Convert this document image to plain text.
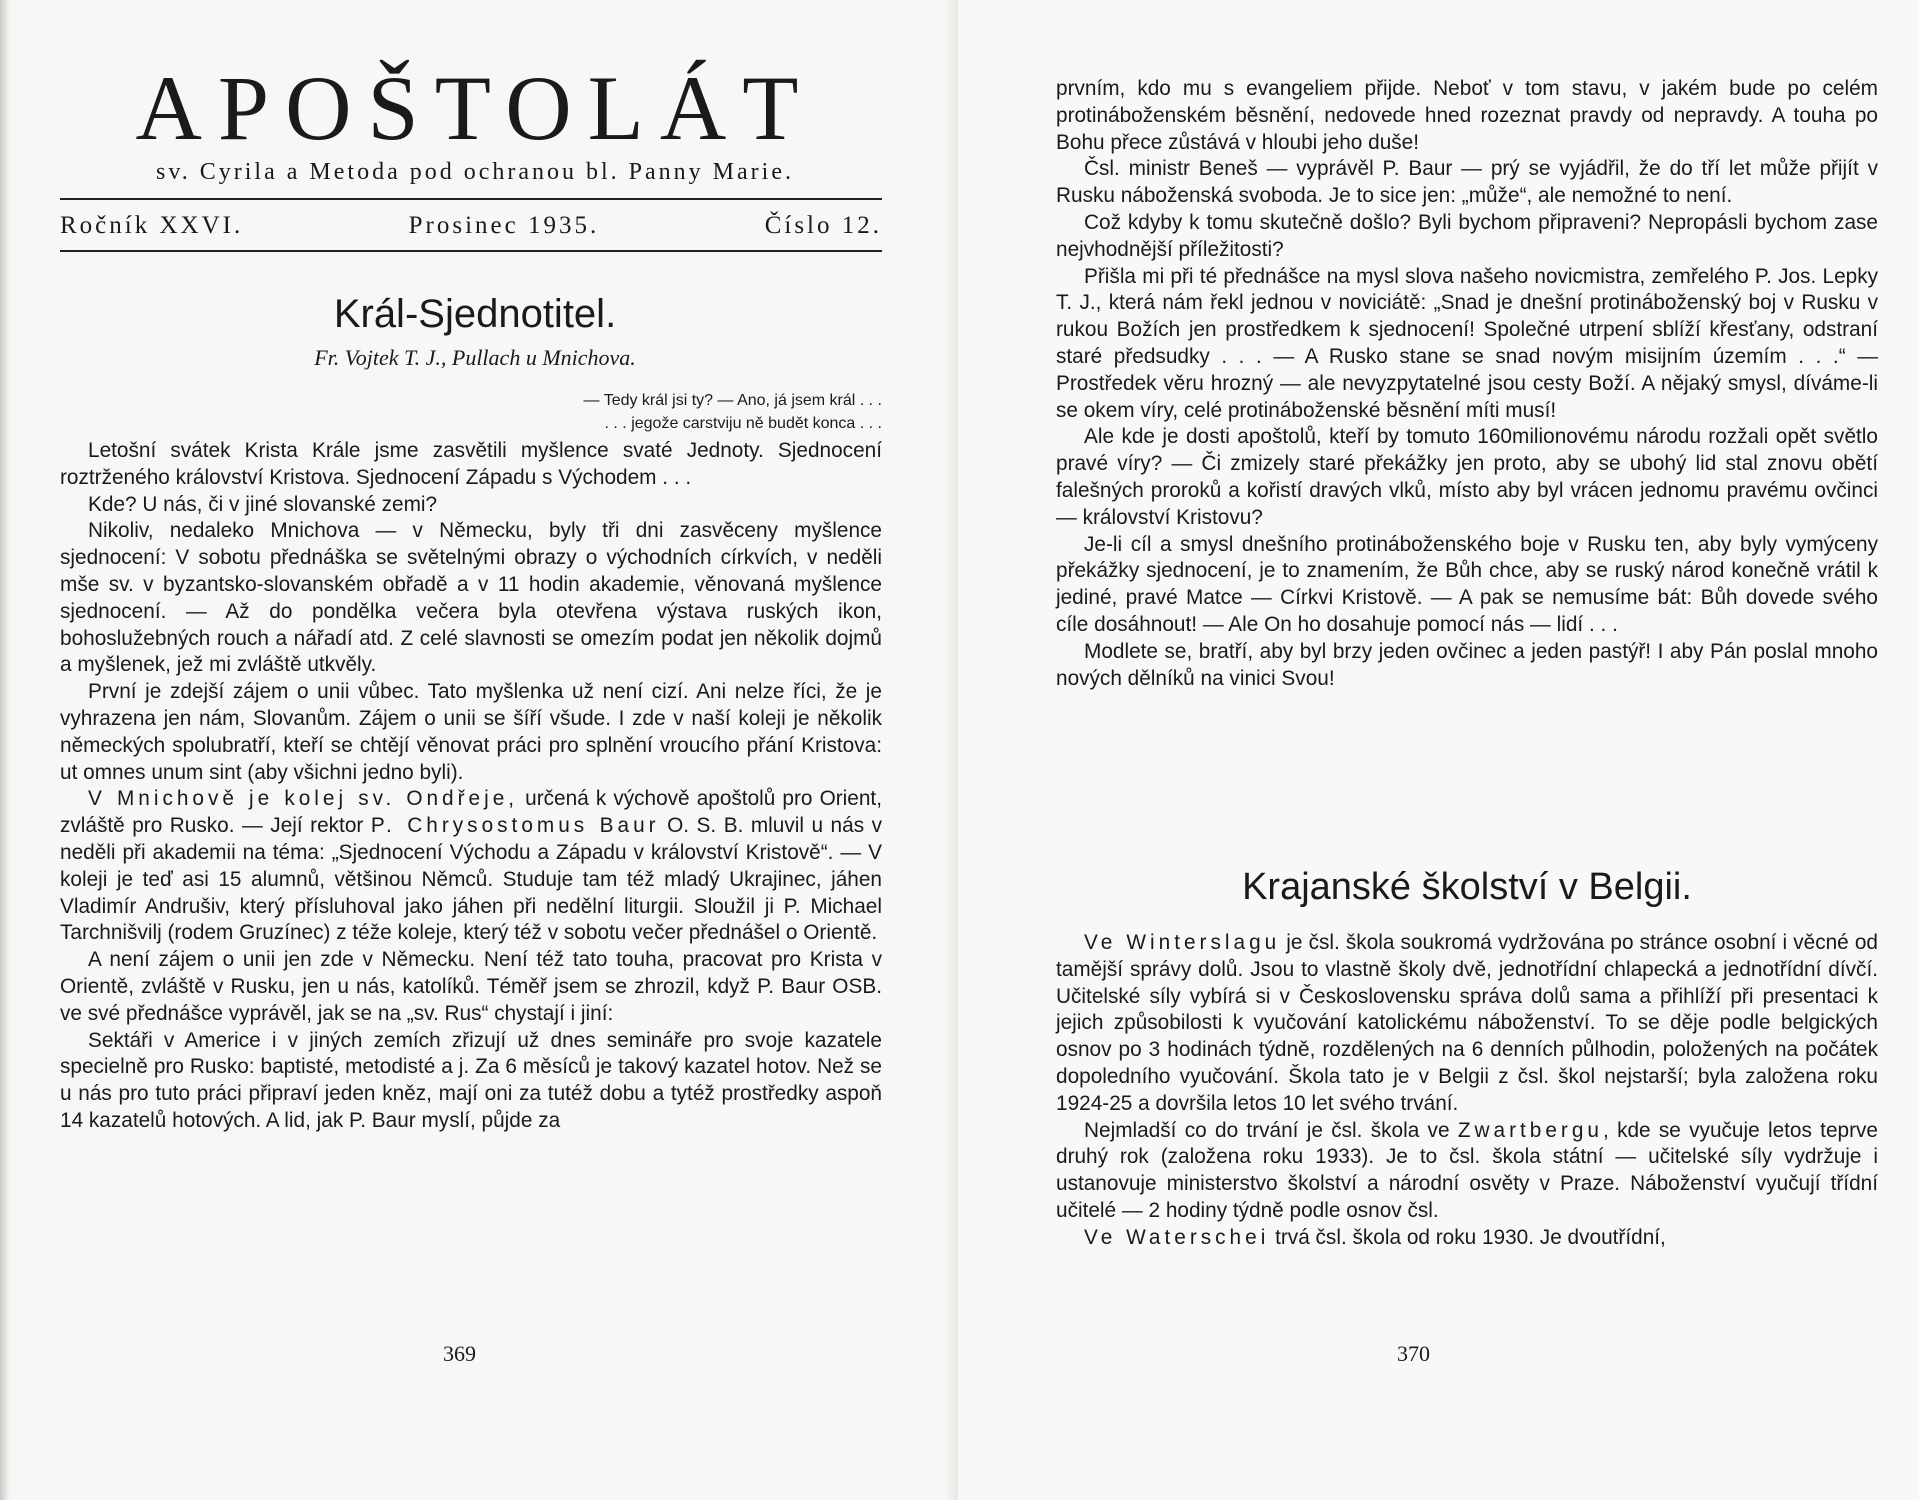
APOŠTOLÁT
sv. Cyrila a Metoda pod ochranou bl. Panny Marie.
Ročník XXVI.	Prosinec 1935.	Číslo 12.
Král-Sjednotitel.
Fr. Vojtek T. J., Pullach u Mnichova.
— Tedy král jsi ty? — Ano, já jsem král . . .
. . . jegože carstviju ně budět konca . . .

Letošní svátek Krista Krále jsme zasvětili myšlence svaté Jednoty. Sjednocení roztrženého království Kristova. Sjednocení Západu s Východem . . .

Kde? U nás, či v jiné slovanské zemi?

Nikoliv, nedaleko Mnichova — v Německu, byly tři dni zasvěceny myšlence sjednocení: V sobotu přednáška se světelnými obrazy o východních církvích, v neděli mše sv. v byzantsko-slovanském obřadě a v 11 hodin akademie, věnovaná myšlence sjednocení. — Až do pondělka večera byla otevřena výstava ruských ikon, bohoslužebných rouch a nářadí atd. Z celé slavnosti se omezím podat jen několik dojmů a myšlenek, jež mi zvláště utkvěly.

První je zdejší zájem o unii vůbec. Tato myšlenka už není cizí. Ani nelze říci, že je vyhrazena jen nám, Slovanům. Zájem o unii se šíří všude. I zde v naší koleji je několik německých spolubratří, kteří se chtějí věnovat práci pro splnění vroucího přání Kristova: ut omnes unum sint (aby všichni jedno byli).

V Mnichově je kolej sv. Ondřeje, určená k výchově apoštolů pro Orient, zvláště pro Rusko. — Její rektor P. Chrysostomus Baur O. S. B. mluvil u nás v neděli při akademii na téma: „Sjednocení Východu a Západu v království Kristově“. — V koleji je teď asi 15 alumnů, většinou Němců. Studuje tam též mladý Ukrajinec, jáhen Vladimír Andrušiv, který přísluhoval jako jáhen při nedělní liturgii. Sloužil ji P. Michael Tarchnišvilj (rodem Gruzínec) z téže koleje, který též v sobotu večer přednášel o Orientě.

A není zájem o unii jen zde v Německu. Není též tato touha, pracovat pro Krista v Orientě, zvláště v Rusku, jen u nás, katolíků. Téměř jsem se zhrozil, když P. Baur OSB. ve své přednášce vyprávěl, jak se na „sv. Rus“ chystají i jiní:

Sektáři v Americe i v jiných zemích zřizují už dnes semináře pro svoje kazatele specielně pro Rusko: baptisté, metodisté a j. Za 6 měsíců je takový kazatel hotov. Než se u nás pro tuto práci připraví jeden kněz, mají oni za tutéž dobu a tytéž prostředky aspoň 14 kazatelů hotových. A lid, jak P. Baur myslí, půjde za

369

prvním, kdo mu s evangeliem přijde. Neboť v tom stavu, v jakém bude po celém protináboženském běsnění, nedovede hned rozeznat pravdy od nepravdy. A touha po Bohu přece zůstává v hloubi jeho duše!

Čsl. ministr Beneš — vyprávěl P. Baur — prý se vyjádřil, že do tří let může přijít v Rusku náboženská svoboda. Je to sice jen: „může“, ale nemožné to není.

Což kdyby k tomu skutečně došlo? Byli bychom připraveni? Nepropásli bychom zase nejvhodnější příležitosti?

Přišla mi při té přednášce na mysl slova našeho novicmistra, zemřelého P. Jos. Lepky T. J., která nám řekl jednou v noviciátě: „Snad je dnešní protináboženský boj v Rusku v rukou Božích jen prostředkem k sjednocení! Společné utrpení sblíží křesťany, odstraní staré předsudky . . . — A Rusko stane se snad novým misijním územím . . .“ — Prostředek věru hrozný — ale nevyzpytatelné jsou cesty Boží. A nějaký smysl, díváme-li se okem víry, celé protináboženské běsnění míti musí!

Ale kde je dosti apoštolů, kteří by tomuto 160milionovému národu rozžali opět světlo pravé víry? — Či zmizely staré překážky jen proto, aby se ubohý lid stal znovu obětí falešných proroků a kořistí dravých vlků, místo aby byl vrácen jednomu pravému ovčinci — království Kristovu?

Je-li cíl a smysl dnešního protináboženského boje v Rusku ten, aby byly vymýceny překážky sjednocení, je to znamením, že Bůh chce, aby se ruský národ konečně vrátil k jediné, pravé Matce — Církvi Kristově. — A pak se nemusíme bát: Bůh dovede svého cíle dosáhnout! — Ale On ho dosahuje pomocí nás — lidí . . .

Modlete se, bratří, aby byl brzy jeden ovčinec a jeden pastýř! I aby Pán poslal mnoho nových dělníků na vinici Svou!

Krajanské školství v Belgii.

Ve Winterslagu je čsl. škola soukromá vydržována po stránce osobní i věcné od tamější správy dolů. Jsou to vlastně školy dvě, jednotřídní chlapecká a jednotřídní dívčí. Učitelské síly vybírá si v Československu správa dolů sama a přihlíží při presentaci k jejich způsobilosti k vyučování katolickému náboženství. To se děje podle belgických osnov po 3 hodinách týdně, rozdělených na 6 denních půlhodin, položených na počátek dopoledního vyučování. Škola tato je v Belgii z čsl. škol nejstarší; byla založena roku 1924-25 a dovršila letos 10 let svého trvání.

Nejmladší co do trvání je čsl. škola ve Zwartbergu, kde se vyučuje letos teprve druhý rok (založena roku 1933). Je to čsl. škola státní — učitelské síly vydržuje i ustanovuje ministerstvo školství a národní osvěty v Praze. Náboženství vyučují třídní učitelé — 2 hodiny týdně podle osnov čsl.

Ve Waterschei trvá čsl. škola od roku 1930. Je dvoutřídní,

370
